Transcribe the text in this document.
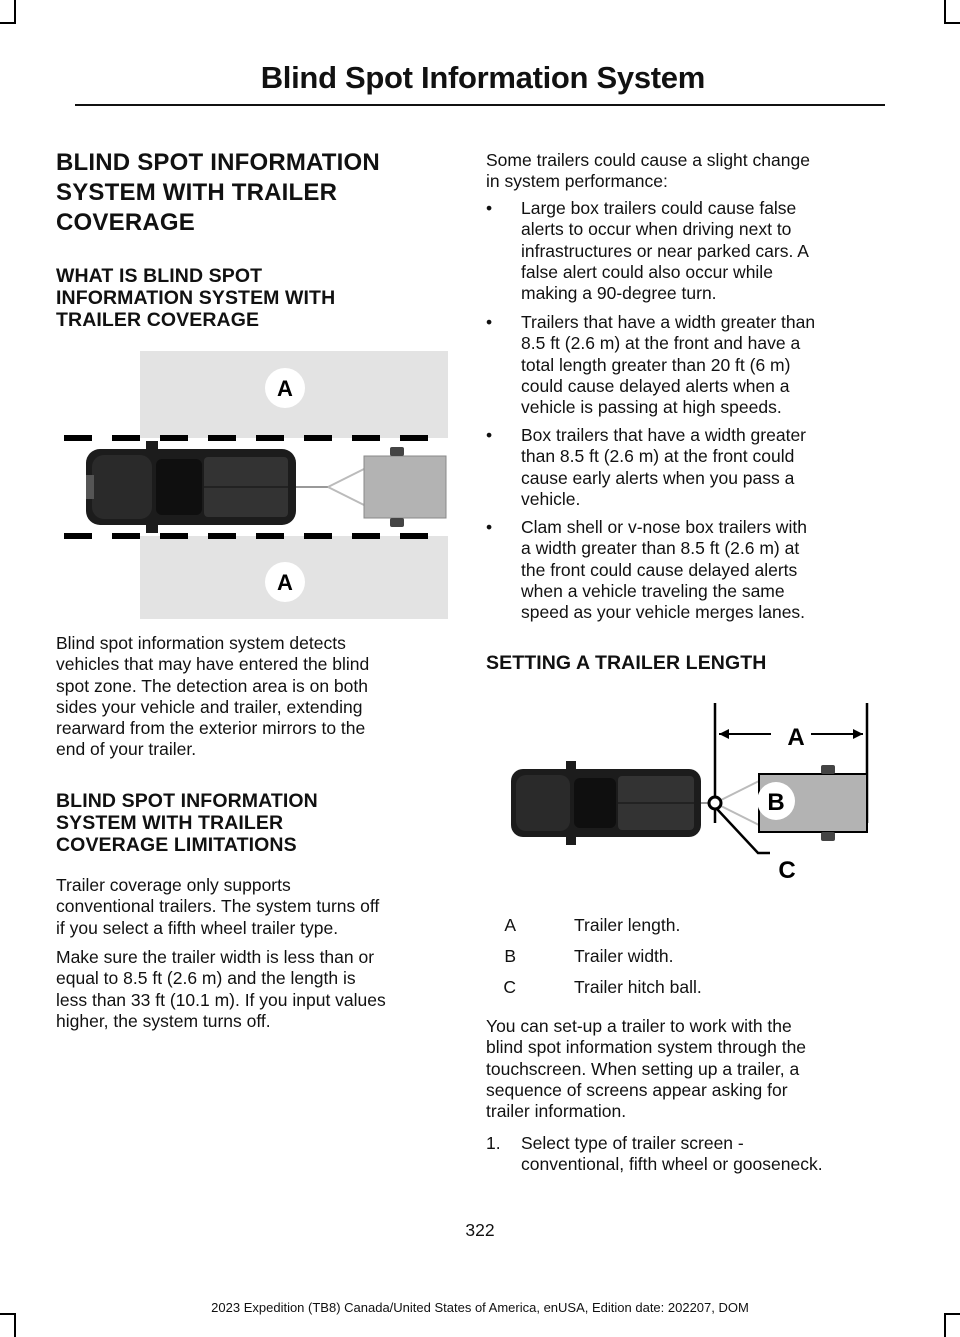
Blind Spot Information System
BLIND SPOT INFORMATION
SYSTEM WITH TRAILER
COVERAGE
WHAT IS BLIND SPOT
INFORMATION SYSTEM WITH
TRAILER COVERAGE
A
A
Blind spot information system detects
vehicles that may have entered the blind
spot zone. The detection area is on both
sides your vehicle and trailer, extending
rearward from the exterior mirrors to the
end of your trailer.
BLIND SPOT INFORMATION
SYSTEM WITH TRAILER
COVERAGE LIMITATIONS
Trailer coverage only supports
conventional trailers. The system turns off
if you select a fifth wheel trailer type.
Make sure the trailer width is less than or
equal to 8.5 ft (2.6 m) and the length is
less than 33 ft (10.1 m). If you input values
higher, the system turns off.
Some trailers could cause a slight change
in system performance:
• Large box trailers could cause false
alerts to occur when driving next to
infrastructures or near parked cars. A
false alert could also occur while
making a 90-degree turn.
• Trailers that have a width greater than
8.5 ft (2.6 m) at the front and have a
total length greater than 20 ft (6 m)
could cause delayed alerts when a
vehicle is passing at high speeds.
• Box trailers that have a width greater
than 8.5 ft (2.6 m) at the front could
cause early alerts when you pass a
vehicle.
• Clam shell or v-nose box trailers with
a width greater than 8.5 ft (2.6 m) at
the front could cause delayed alerts
when a vehicle traveling the same
speed as your vehicle merges lanes.
SETTING A TRAILER LENGTH
A
B
C
A	Trailer length.
B	Trailer width.
C	Trailer hitch ball.
You can set-up a trailer to work with the
blind spot information system through the
touchscreen. When setting up a trailer, a
sequence of screens appear asking for
trailer information.
1. Select type of trailer screen -
conventional, fifth wheel or gooseneck.
322
2023 Expedition (TB8) Canada/United States of America, enUSA, Edition date: 202207, DOM
